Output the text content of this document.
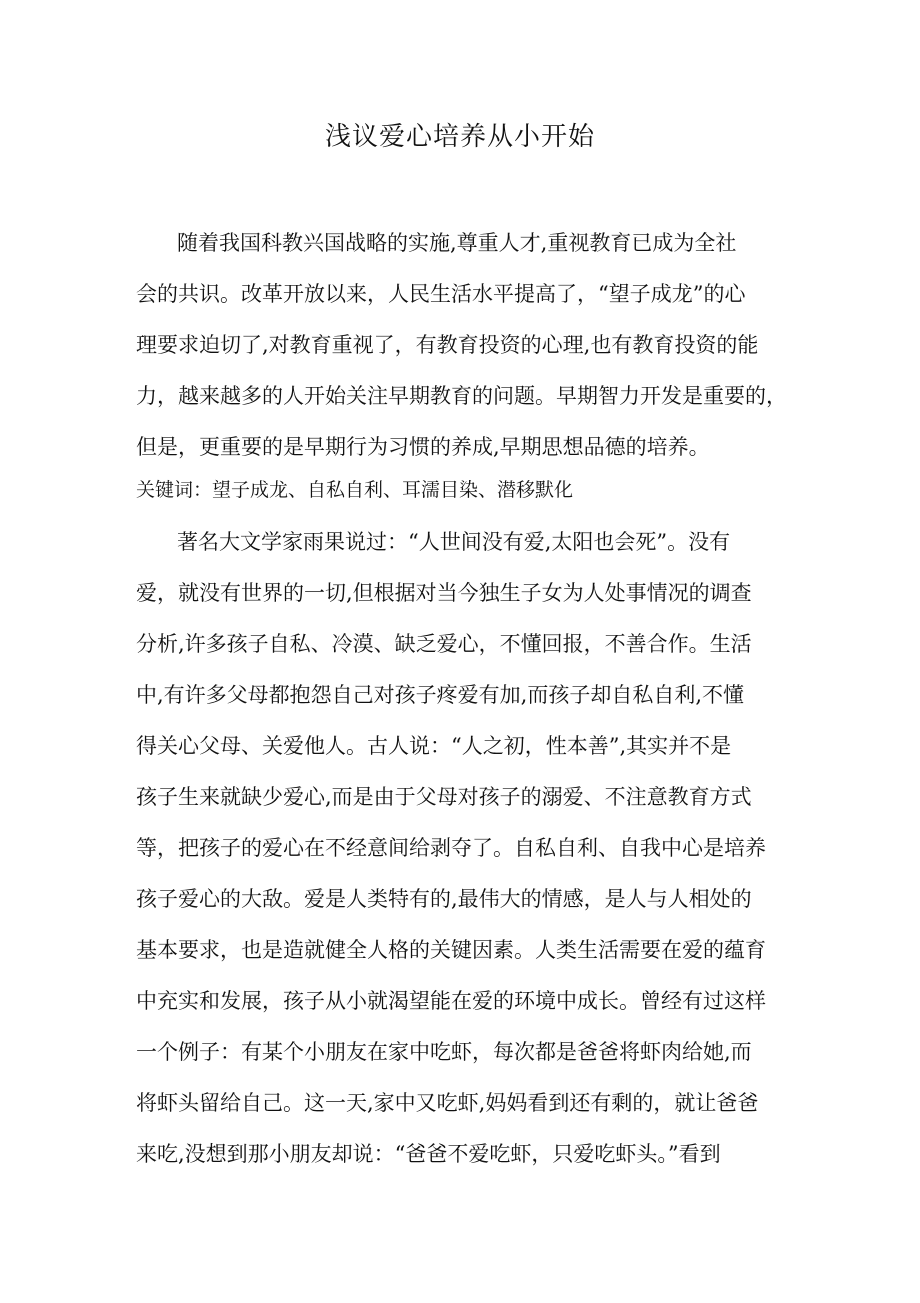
浅议爱心培养从小开始
随着我国科教兴国战略的实施,尊重人才,重视教育已成为全社
会的共识。改革开放以来，人民生活水平提高了，“望子成龙”的心
理要求迫切了,对教育重视了，有教育投资的心理,也有教育投资的能
力，越来越多的人开始关注早期教育的问题。早期智力开发是重要的，
但是，更重要的是早期行为习惯的养成,早期思想品德的培养。
关键词：望子成龙、自私自利、耳濡目染、潜移默化
著名大文学家雨果说过：“人世间没有爱,太阳也会死”。没有
爱，就没有世界的一切,但根据对当今独生子女为人处事情况的调查
分析,许多孩子自私、冷漠、缺乏爱心，不懂回报，不善合作。生活
中,有许多父母都抱怨自己对孩子疼爱有加,而孩子却自私自利,不懂
得关心父母、关爱他人。古人说：“人之初，性本善”,其实并不是
孩子生来就缺少爱心,而是由于父母对孩子的溺爱、不注意教育方式
等，把孩子的爱心在不经意间给剥夺了。自私自利、自我中心是培养
孩子爱心的大敌。爱是人类特有的,最伟大的情感，是人与人相处的
基本要求，也是造就健全人格的关键因素。人类生活需要在爱的蕴育
中充实和发展，孩子从小就渴望能在爱的环境中成长。曾经有过这样
一个例子：有某个小朋友在家中吃虾，每次都是爸爸将虾肉给她,而
将虾头留给自己。这一天,家中又吃虾,妈妈看到还有剩的，就让爸爸
来吃,没想到那小朋友却说：“爸爸不爱吃虾，只爱吃虾头。”看到
